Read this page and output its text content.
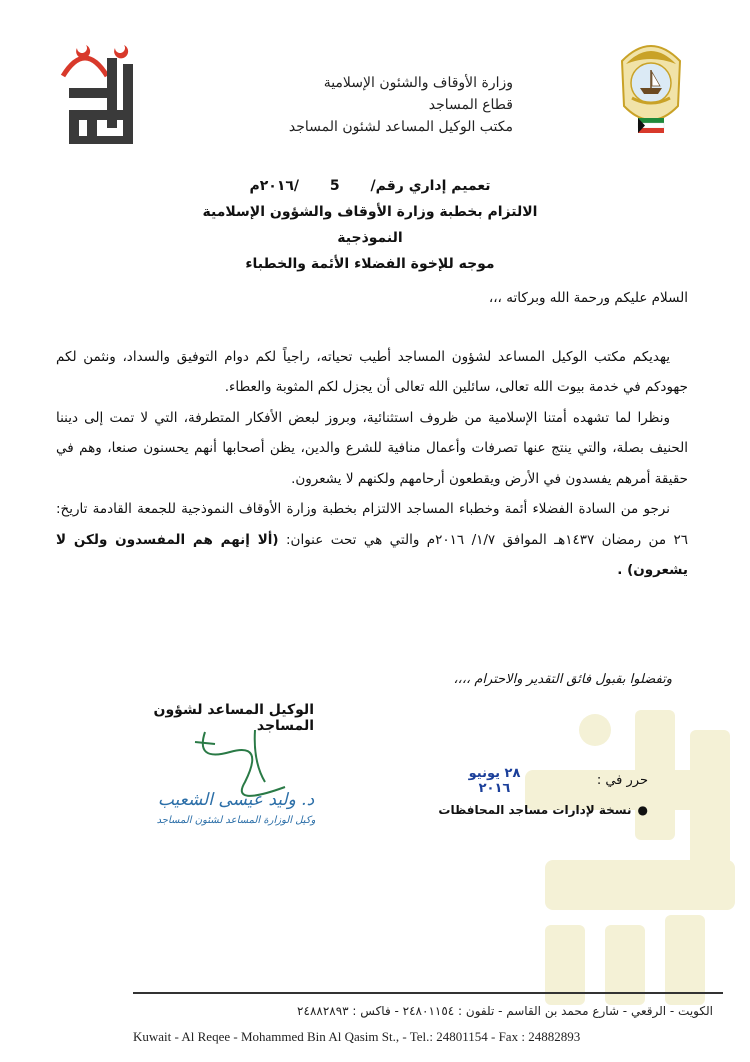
وزارة الأوقاف والشئون الإسلامية
قطاع المساجد
مكتب الوكيل المساعد لشئون المساجد
تعميم إداري رقم/ 5 /٢٠١٦م
الالتزام بخطبة وزارة الأوقاف والشؤون الإسلامية النموذجية
موجه للإخوة الفضلاء الأئمة والخطباء

السلام عليكم ورحمة الله وبركاته ،،،

يهديكم مكتب الوكيل المساعد لشؤون المساجد أطيب تحياته، راجياً لكم دوام التوفيق والسداد، ونثمن لكم جهودكم في خدمة بيوت الله تعالى، سائلين الله تعالى أن يجزل لكم المثوبة والعطاء.

ونظرا لما تشهده أمتنا الإسلامية من ظروف استثنائية، وبروز لبعض الأفكار المتطرفة، التي لا تمت إلى ديننا الحنيف بصلة، والتي ينتج عنها تصرفات وأعمال منافية للشرع والدين، يظن أصحابها أنهم يحسنون صنعا، وهم في حقيقة أمرهم يفسدون في الأرض ويقطعون أرحامهم ولكنهم لا يشعرون.

نرجو من السادة الفضلاء أئمة وخطباء المساجد الالتزام بخطبة وزارة الأوقاف النموذجية للجمعة القادمة تاريخ: ٢٦ من رمضان ١٤٣٧هـ الموافق ١/٧/ ٢٠١٦م والتي هي تحت عنوان: (ألا إنهم هم المفسدون ولكن لا يشعرون) .

وتفضلوا بقبول فائق التقدير والاحترام ،،،،
الوكيل المساعد لشؤون المساجد
د. وليد عيسى الشعيب
وكيل الوزارة المساعد لشئون المساجد
حرر في :
٢٨ يونيو ٢٠١٦
●نسخة لإدارات مساجد المحافظات
الكويت - الرقعي - شارع محمد بن القاسم - تلفون : ٢٤٨٠١١٥٤ - فاكس : ٢٤٨٨٢٨٩٣
Kuwait - Al Reqee - Mohammed Bin Al Qasim St., - Tel.: 24801154 - Fax : 24882893
